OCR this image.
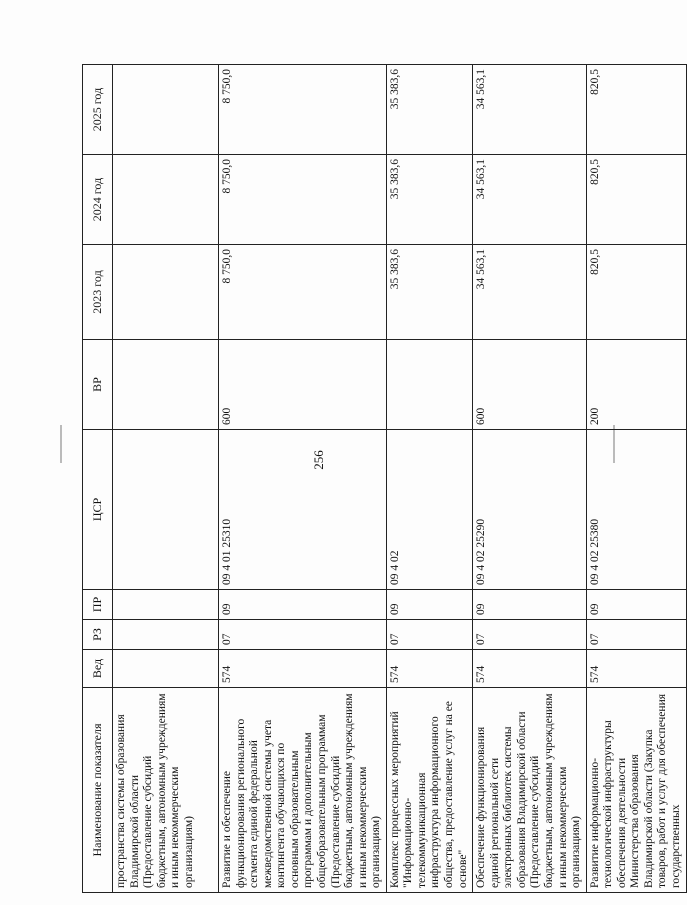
256
Наименование показателя	Вед	РЗ	ПР	ЦСР	ВР	2023 год	2024 год	2025 год
пространства системы образования Владимирской области (Предоставление субсидий бюджетным, автономным учреждениям и иным некоммерческим организациям)								
Развитие и обеспечение функционирования регионального сегмента единой федеральной межведомственной системы учета контингента обучающихся по основным образовательным программам и дополнительным общеобразовательным программам (Предоставление субсидий бюджетным, автономным учреждениям и иным некоммерческим организациям)	574	07	09	09 4 01 25310	600	8 750,0	8 750,0	8 750,0
Комплекс процессных мероприятий "Информационно-телекоммуникационная инфраструктура информационного общества, предоставление услуг на ее основе"	574	07	09	09 4 02		35 383,6	35 383,6	35 383,6
Обеспечение функционирования единой региональной сети электронных библиотек системы образования Владимирской области (Предоставление субсидий бюджетным, автономным учреждениям и иным некоммерческим организациям)	574	07	09	09 4 02 25290	600	34 563,1	34 563,1	34 563,1
Развитие информационно-технологической инфраструктуры обеспечения деятельности Министерства образования Владимирской области (Закупка товаров, работ и услуг для обеспечения государственных	574	07	09	09 4 02 25380	200	820,5	820,5	820,5
